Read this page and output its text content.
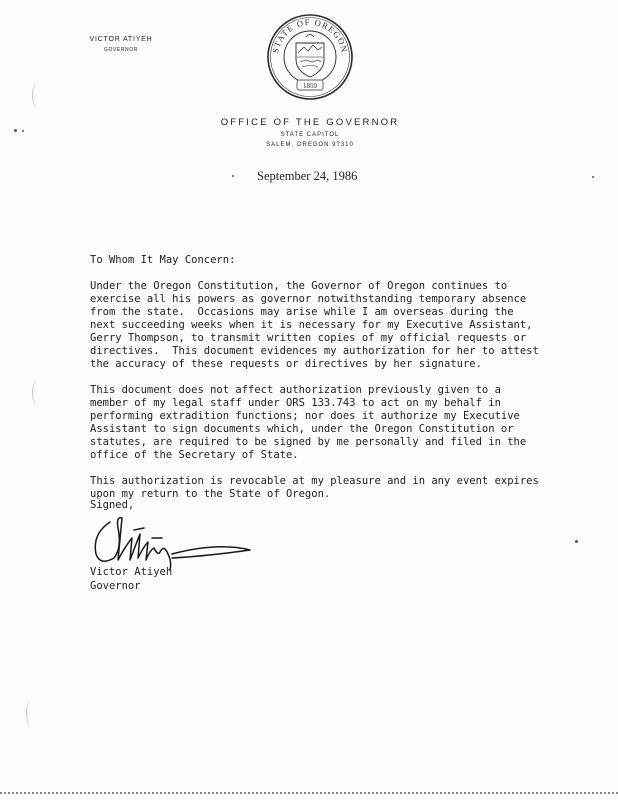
VICTOR ATIYEH
GOVERNOR	STATE OF OREGON
1859
OFFICE OF THE GOVERNOR
STATE CAPITOL
SALEM, OREGON 97310
September 24, 1986
To Whom It May Concern:
Under the Oregon Constitution, the Governor of Oregon continues to
exercise all his powers as governor notwithstanding temporary absence
from the state.  Occasions may arise while I am overseas during the
next succeeding weeks when it is necessary for my Executive Assistant,
Gerry Thompson, to transmit written copies of my official requests or
directives.  This document evidences my authorization for her to attest
the accuracy of these requests or directives by her signature.
This document does not affect authorization previously given to a
member of my legal staff under ORS 133.743 to act on my behalf in
performing extradition functions; nor does it authorize my Executive
Assistant to sign documents which, under the Oregon Constitution or
statutes, are required to be signed by me personally and filed in the
office of the Secretary of State.
This authorization is revocable at my pleasure and in any event expires
upon my return to the State of Oregon.
Signed,
Victor Atiyeh
Governor
